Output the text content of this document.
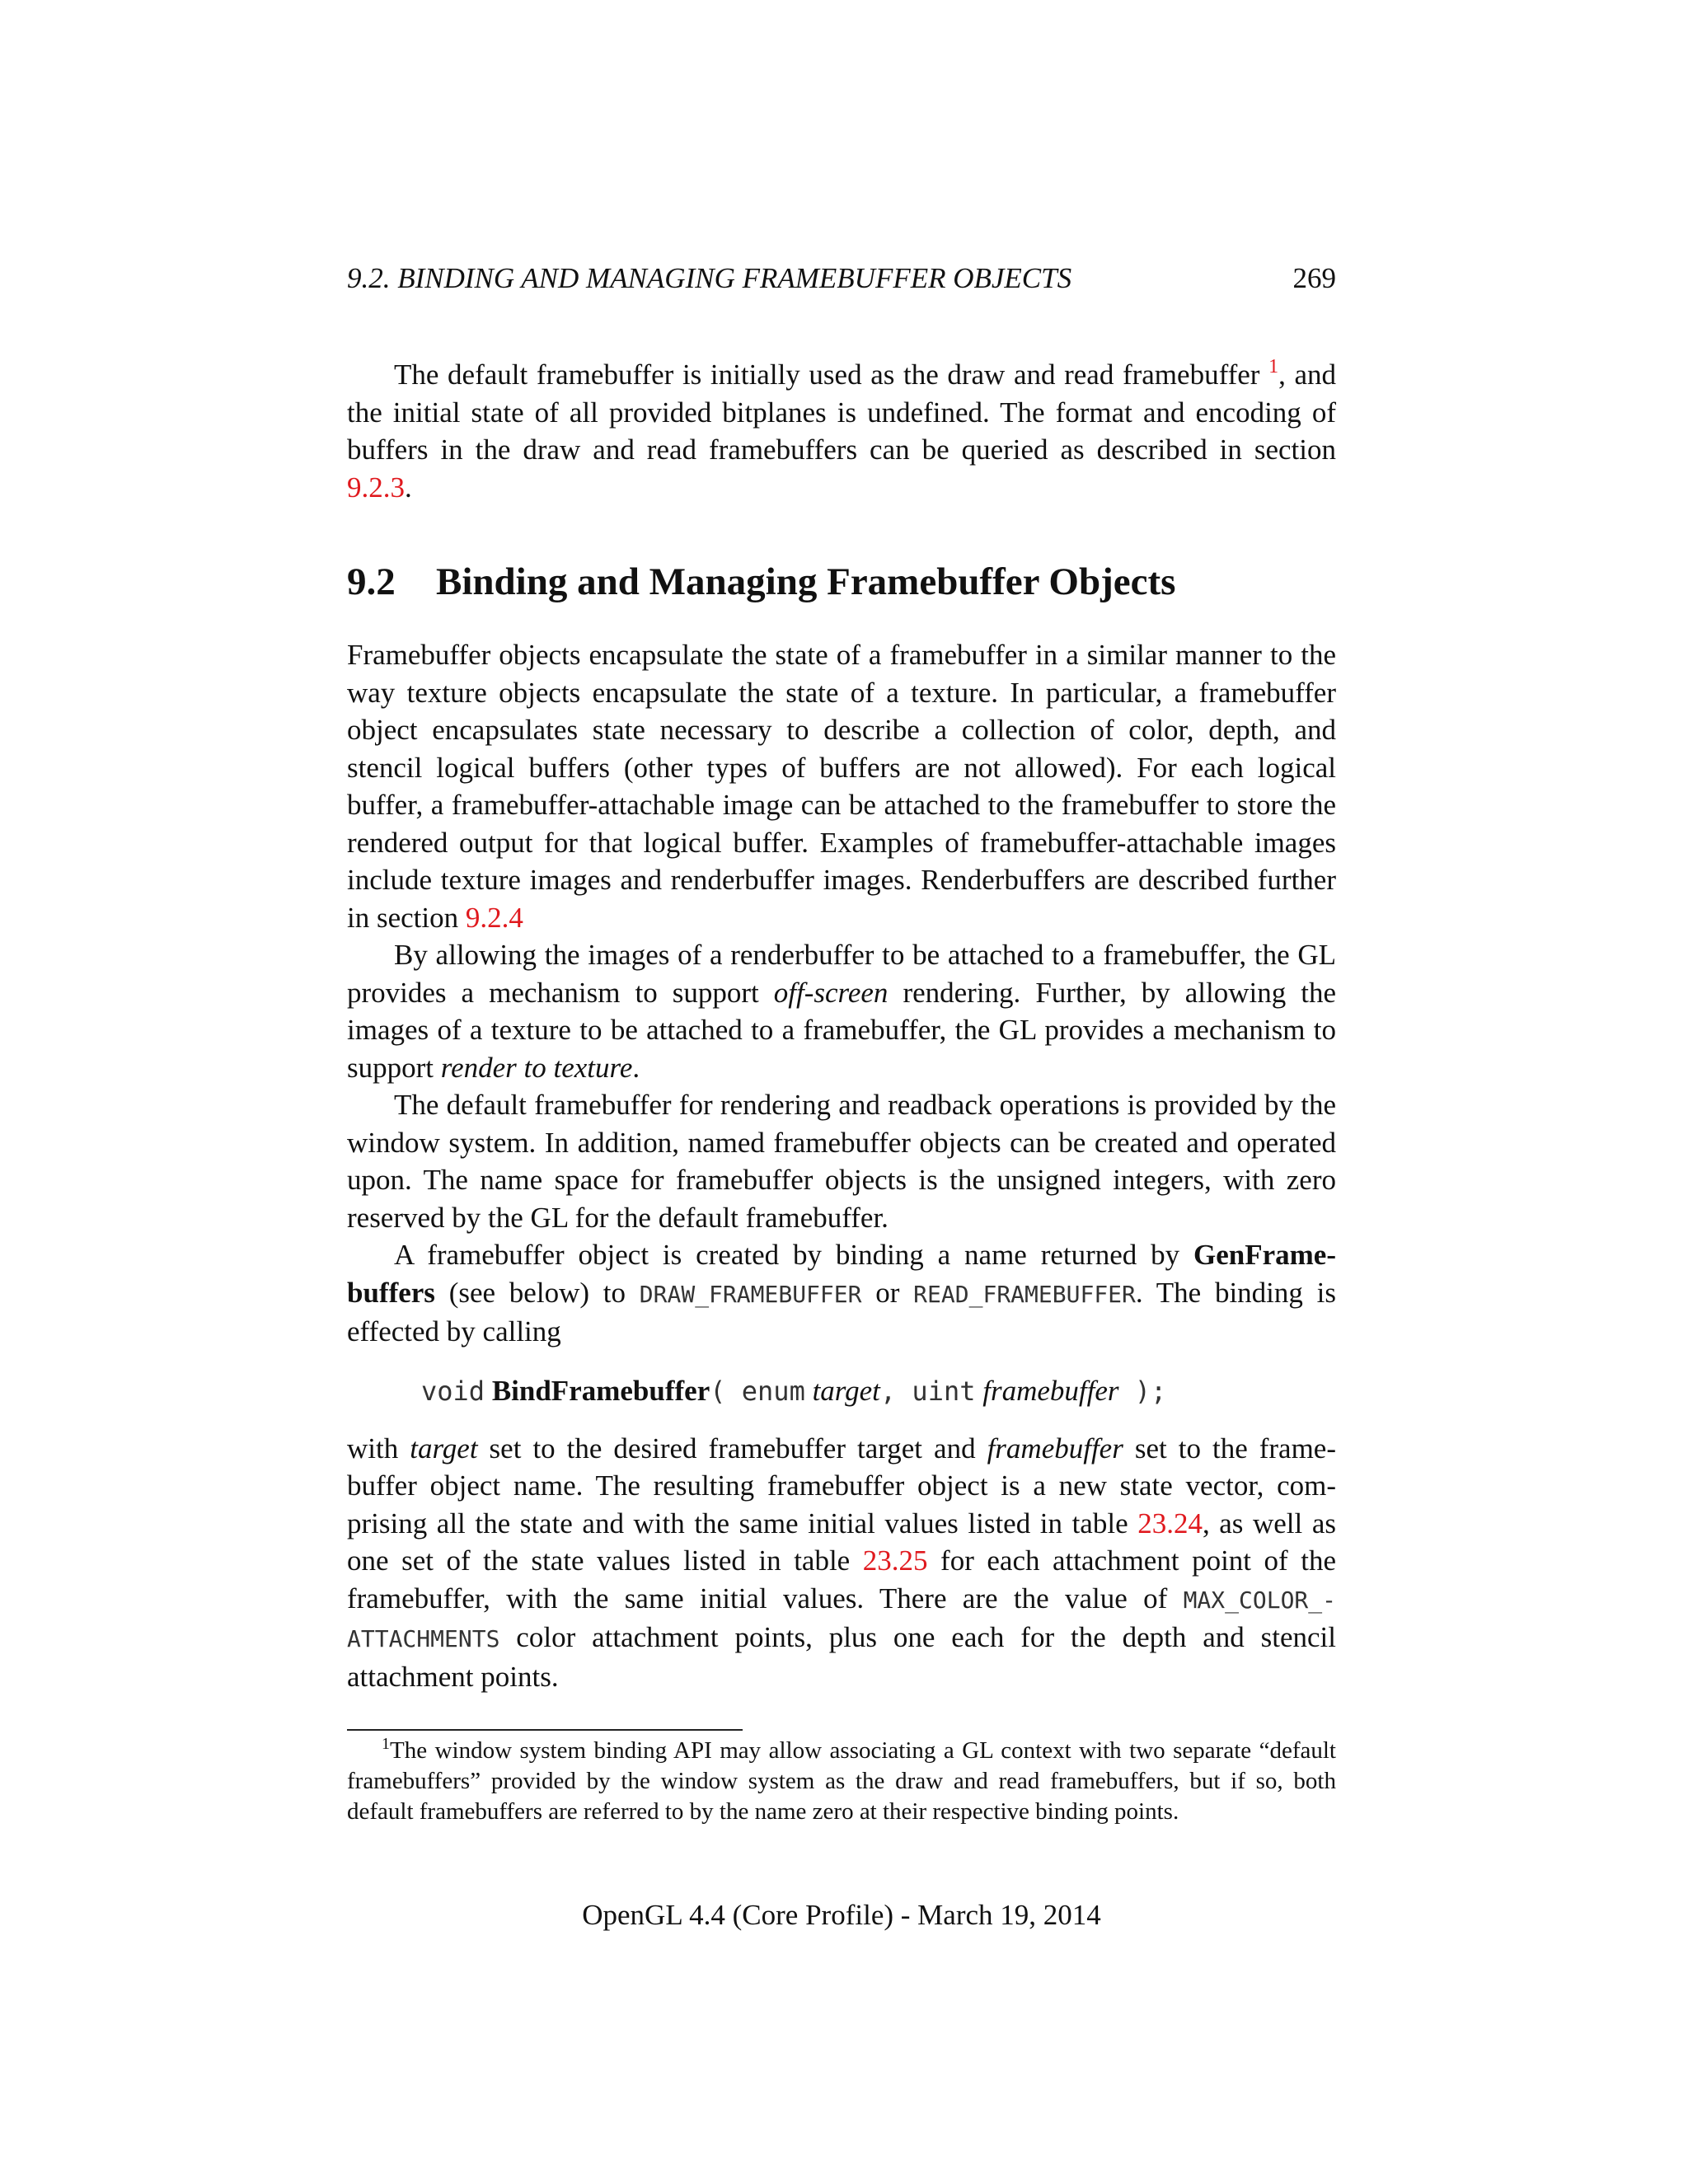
9.2. BINDING AND MANAGING FRAMEBUFFER OBJECTS	269

The default framebuffer is initially used as the draw and read framebuffer $^1$, and the initial state of all provided bitplanes is undefined. The format and encoding of buffers in the draw and read framebuffers can be queried as described in section 9.2.3.

9.2 Binding and Managing Framebuffer Objects

Framebuffer objects encapsulate the state of a framebuffer in a similar manner to the way texture objects encapsulate the state of a texture. In particular, a framebuffer object encapsulates state necessary to describe a collection of color, depth, and stencil logical buffers (other types of buffers are not allowed). For each logical buffer, a framebuffer-attachable image can be attached to the framebuffer to store the rendered output for that logical buffer. Examples of framebuffer-attachable images include texture images and renderbuffer images. Renderbuffers are described further in section 9.2.4

By allowing the images of a renderbuffer to be attached to a framebuffer, the GL provides a mechanism to support off-screen rendering. Further, by allowing the images of a texture to be attached to a framebuffer, the GL provides a mechanism to support render to texture.

The default framebuffer for rendering and readback operations is provided by the window system. In addition, named framebuffer objects can be created and operated upon. The name space for framebuffer objects is the unsigned integers, with zero reserved by the GL for the default framebuffer.

A framebuffer object is created by binding a name returned by GenFramebuffers (see below) to DRAW_FRAMEBUFFER or READ_FRAMEBUFFER. The binding is effected by calling

void BindFramebuffer( enum target, uint framebuffer );

with target set to the desired framebuffer target and framebuffer set to the framebuffer object name. The resulting framebuffer object is a new state vector, comprising all the state and with the same initial values listed in table 23.24, as well as one set of the state values listed in table 23.25 for each attachment point of the framebuffer, with the same initial values. There are the value of MAX_COLOR_ATTACHMENTS color attachment points, plus one each for the depth and stencil attachment points.

$^1$The window system binding API may allow associating a GL context with two separate “default framebuffers” provided by the window system as the draw and read framebuffers, but if so, both default framebuffers are referred to by the name zero at their respective binding points.

OpenGL 4.4 (Core Profile) - March 19, 2014
